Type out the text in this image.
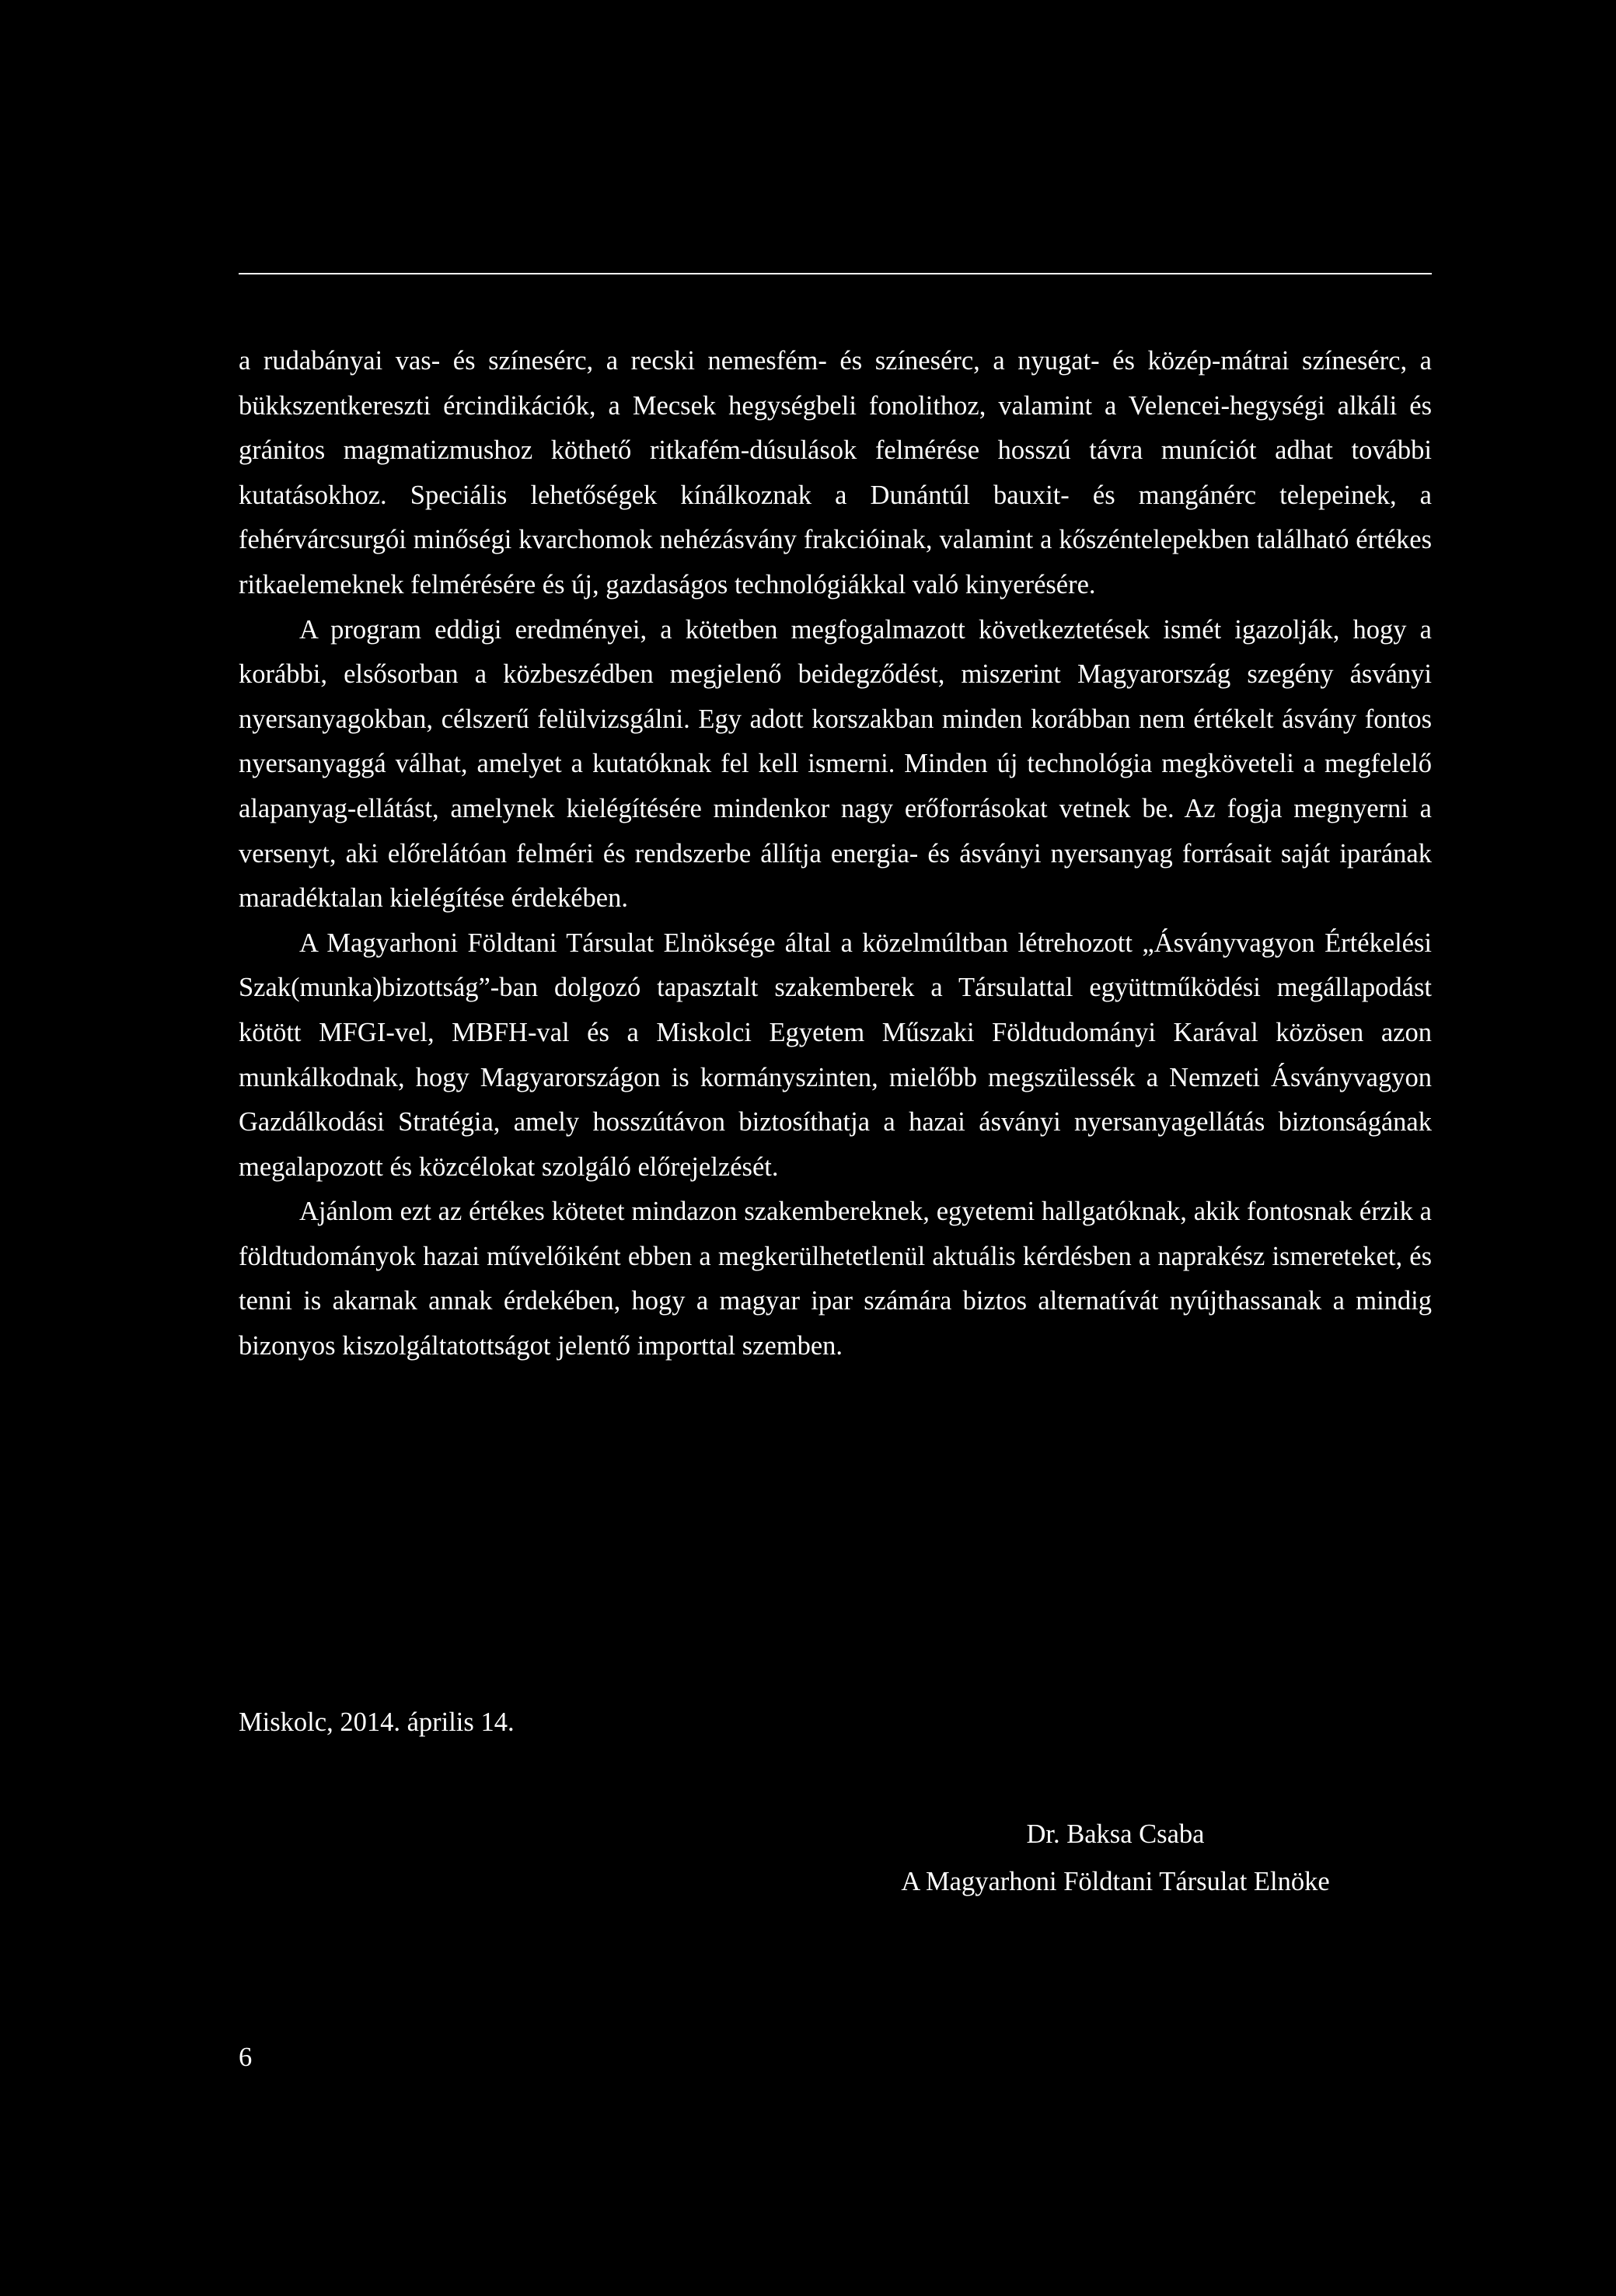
a rudabányai vas- és színesérc, a recski nemesfém- és színesérc, a nyugat- és közép-mátrai színesérc, a bükkszentkereszti ércindikációk, a Mecsek hegységbeli fonolithoz, valamint a Velencei-hegységi alkáli és gránitos magmatizmushoz köthető ritkafém-dúsulások felmérése hosszú távra muníciót adhat további kutatásokhoz. Speciális lehetőségek kínálkoznak a Dunántúl bauxit- és mangánérc telepeinek, a fehérvárcsurgói minőségi kvarchomok nehézásvány frakcióinak, valamint a kőszéntelepekben található értékes ritkaelemeknek felmérésére és új, gazdaságos technológiákkal való kinyerésére.

A program eddigi eredményei, a kötetben megfogalmazott következtetések ismét igazolják, hogy a korábbi, elsősorban a közbeszédben megjelenő beidegződést, miszerint Magyarország szegény ásványi nyersanyagokban, célszerű felülvizsgálni. Egy adott korszakban minden korábban nem értékelt ásvány fontos nyersanyaggá válhat, amelyet a kutatóknak fel kell ismerni. Minden új technológia megköveteli a megfelelő alapanyag-ellátást, amelynek kielégítésére mindenkor nagy erőforrásokat vetnek be. Az fogja megnyerni a versenyt, aki előrelátóan felméri és rendszerbe állítja energia- és ásványi nyersanyag forrásait saját iparának maradéktalan kielégítése érdekében.

A Magyarhoni Földtani Társulat Elnöksége által a közelmúltban létrehozott „Ásványvagyon Értékelési Szak(munka)bizottság”-ban dolgozó tapasztalt szakemberek a Társulattal együttműködési megállapodást kötött MFGI-vel, MBFH-val és a Miskolci Egyetem Műszaki Földtudományi Karával közösen azon munkálkodnak, hogy Magyarországon is kormányszinten, mielőbb megszülessék a Nemzeti Ásványvagyon Gazdálkodási Stratégia, amely hosszútávon biztosíthatja a hazai ásványi nyersanyagellátás biztonságának megalapozott és közcélokat szolgáló előrejelzését.

Ajánlom ezt az értékes kötetet mindazon szakembereknek, egyetemi hallgatóknak, akik fontosnak érzik a földtudományok hazai művelőiként ebben a megkerülhetetlenül aktuális kérdésben a naprakész ismereteket, és tenni is akarnak annak érdekében, hogy a magyar ipar számára biztos alternatívát nyújthassanak a mindig bizonyos kiszolgáltatottságot jelentő importtal szemben.

Miskolc, 2014. április 14.
Dr. Baksa Csaba
A Magyarhoni Földtani Társulat Elnöke
6
